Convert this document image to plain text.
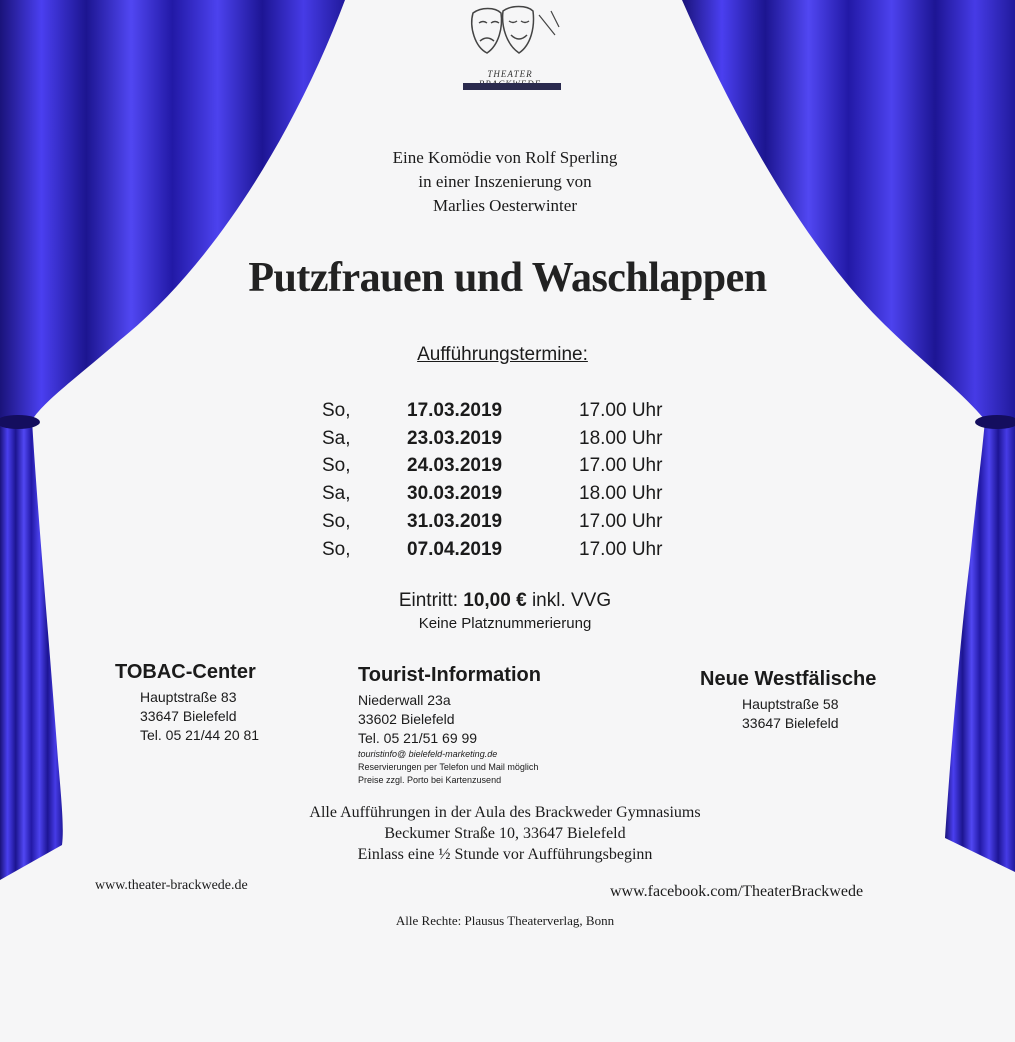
THEATER
Eine Komödie von Rolf Sperling
in einer Inszenierung von
Marlies Oesterwinter
Putzfrauen und Waschlappen
Aufführungstermine:
So,	17.03.2019	17.00 Uhr
Sa,	23.03.2019	18.00 Uhr
So,	24.03.2019	17.00 Uhr
Sa,	30.03.2019	18.00 Uhr
So,	31.03.2019	17.00 Uhr
So,	07.04.2019	17.00 Uhr
Eintritt: 10,00 € inkl. VVG
Keine Platznummerierung
TOBAC-Center
Hauptstraße 83
33647 Bielefeld
Tel. 05 21/44 20 81
Tourist-Information
Niederwall 23a
33602 Bielefeld
Tel. 05 21/51 69 99
touristinfo@ bielefeld-marketing.de
Reservierungen per Telefon und Mail möglich
Preise zzgl. Porto bei Kartenzusend
Neue Westfälische
Hauptstraße 58
33647 Bielefeld
Alle Aufführungen in der Aula des Brackweder Gymnasiums
Beckumer Straße 10, 33647 Bielefeld
Einlass eine ½ Stunde vor Aufführungsbeginn
www.theater-brackwede.de	www.facebook.com/TheaterBrackwede
Alle Rechte: Plausus Theaterverlag, Bonn
